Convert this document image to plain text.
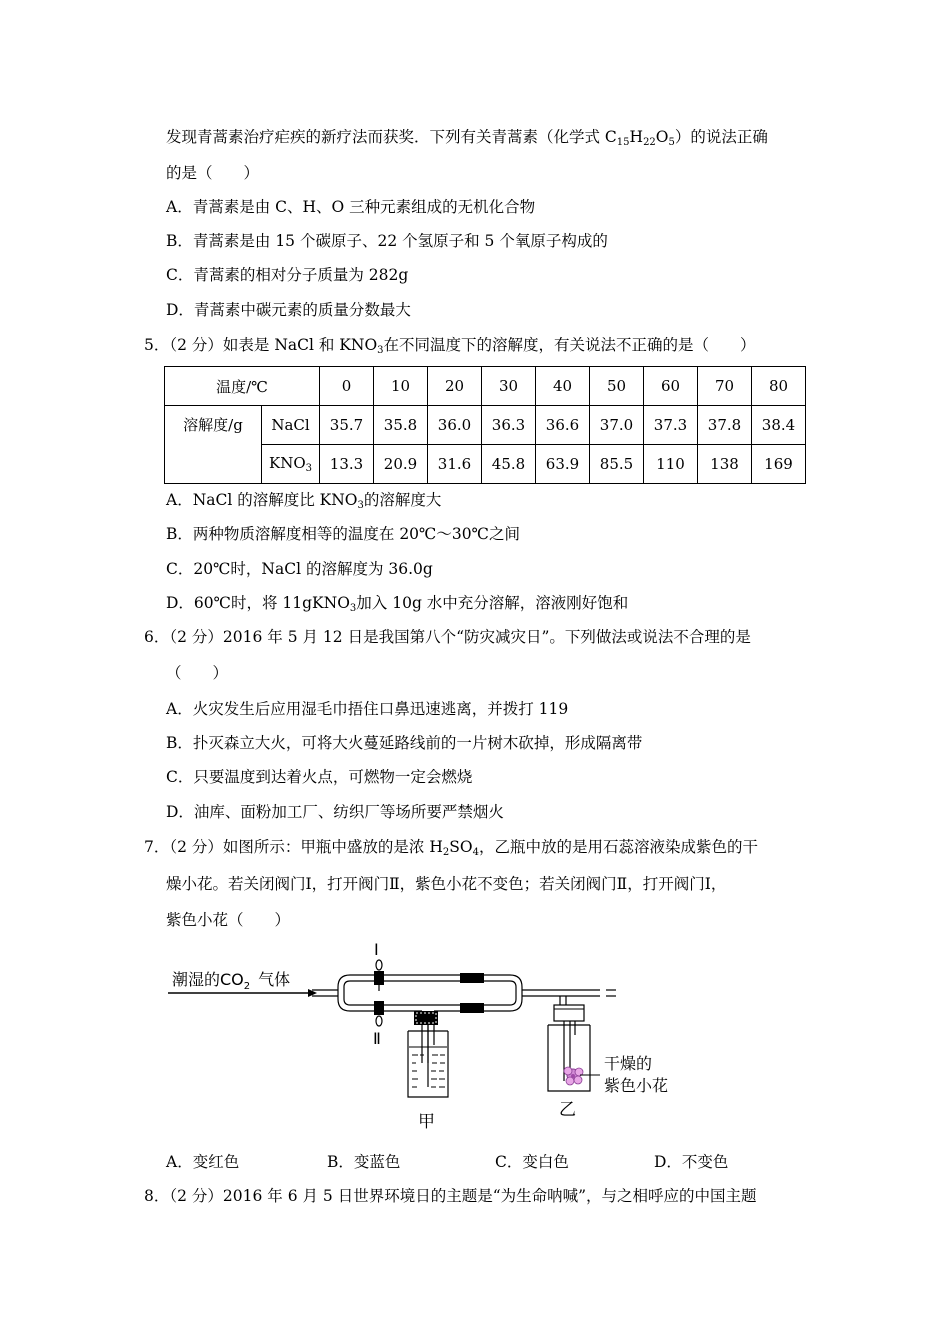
发现青蒿素治疗疟疾的新疗法而获奖．下列有关青蒿素（化学式 $C_{15}H_{22}O_5$）的说法正确
的是（　　）
A．青蒿素是由 C、H、O 三种元素组成的无机化合物
B．青蒿素是由 15 个碳原子、22 个氢原子和 5 个氧原子构成的
C．青蒿素的相对分子质量为 282g
D．青蒿素中碳元素的质量分数最大
5．（2 分）如表是 NaCl 和 $KNO_3$在不同温度下的溶解度，有关说法不正确的是（　　）
温度/℃		0	10	20	30	40	50	60	70	80
溶解度/g	NaCl	35.7	35.8	36.0	36.3	36.6	37.0	37.3	37.8	38.4
	$KNO_3$	13.3	20.9	31.6	45.8	63.9	85.5	110	138	169
A．NaCl 的溶解度比 $KNO_3$的溶解度大
B．两种物质溶解度相等的温度在 20℃～30℃之间
C．20℃时，NaCl 的溶解度为 36.0g
D．60℃时，将 11gKNO$_3$加入 10g 水中充分溶解，溶液刚好饱和
6．（2 分）2016 年 5 月 12 日是我国第八个“防灾减灾日”。下列做法或说法不合理的是
（　　）
A．火灾发生后应用湿毛巾捂住口鼻迅速逃离，并拨打 119
B．扑灭森立大火，可将大火蔓延路线前的一片树木砍掉，形成隔离带
C．只要温度到达着火点，可燃物一定会燃烧
D．油库、面粉加工厂、纺织厂等场所要严禁烟火
7．（2 分）如图所示：甲瓶中盛放的是浓 $H_2SO_4$，乙瓶中放的是用石蕊溶液染成紫色的干
燥小花。若关闭阀门Ⅰ，打开阀门Ⅱ，紫色小花不变色；若关闭阀门Ⅱ，打开阀门Ⅰ，
紫色小花（　　）
潮湿的$CO_2$ 气体
Ⅰ
Ⅱ
甲
干燥的
紫色小花
乙
A．变红色	B．变蓝色	C．变白色	D．不变色
8．（2 分）2016 年 6 月 5 日世界环境日的主题是“为生命呐喊”，与之相呼应的中国主题
